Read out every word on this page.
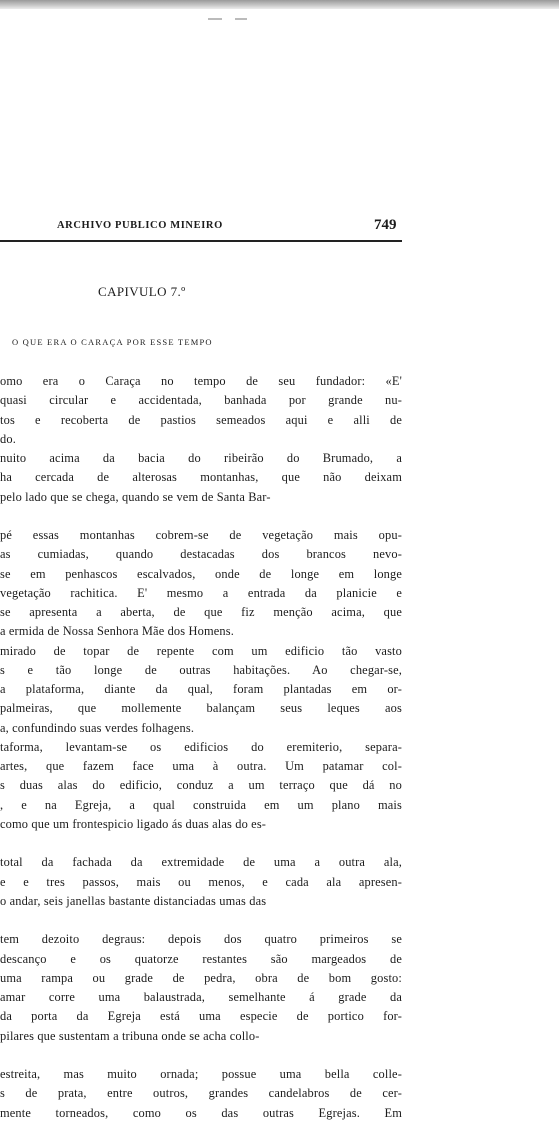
ARCHIVO PUBLICO MINEIRO	749
CAPIVULO 7.º
O QUE ERA O CARAÇA POR ESSE TEMPO
omo era o Caraça no tempo de seu fundador: «E'
quasi circular e accidentada, banhada por grande nu-
tos e recoberta de pastios semeados aqui e alli de
do.
nuito acima da bacia do ribeirão do Brumado, a
ha cercada de alterosas montanhas, que não deixam
pelo lado que se chega, quando se vem de Santa Bar-
pé essas montanhas cobrem-se de vegetação mais opu-
as cumiadas, quando destacadas dos brancos nevo-
se em penhascos escalvados, onde de longe em longe
vegetação rachitica. E' mesmo a entrada da planicie e
se apresenta a aberta, de que fiz menção acima, que
a ermida de Nossa Senhora Mãe dos Homens.
mirado de topar de repente com um edificio tão vasto
s e tão longe de outras habitações. Ao chegar-se,
a plataforma, diante da qual, foram plantadas em or-
palmeiras, que mollemente balançam seus leques aos
a, confundindo suas verdes folhagens.
taforma, levantam-se os edificios do eremiterio, separa-
artes, que fazem face uma à outra. Um patamar col-
s duas alas do edificio, conduz a um terraço que dá no
, e na Egreja, a qual construida em um plano mais
como que um frontespicio ligado ás duas alas do es-
total da fachada da extremidade de uma a outra ala,
e e tres passos, mais ou menos, e cada ala apresen-
o andar, seis janellas bastante distanciadas umas das
tem dezoito degraus: depois dos quatro primeiros se
descanço e os quatorze restantes são margeados de
uma rampa ou grade de pedra, obra de bom gosto:
amar corre uma balaustrada, semelhante á grade da
da porta da Egreja está uma especie de portico for-
pilares que sustentam a tribuna onde se acha collo-
estreita, mas muito ornada; possue uma bella colle-
s de prata, entre outros, grandes candelabros de cer-
mente torneados, como os das outras Egrejas. Em
